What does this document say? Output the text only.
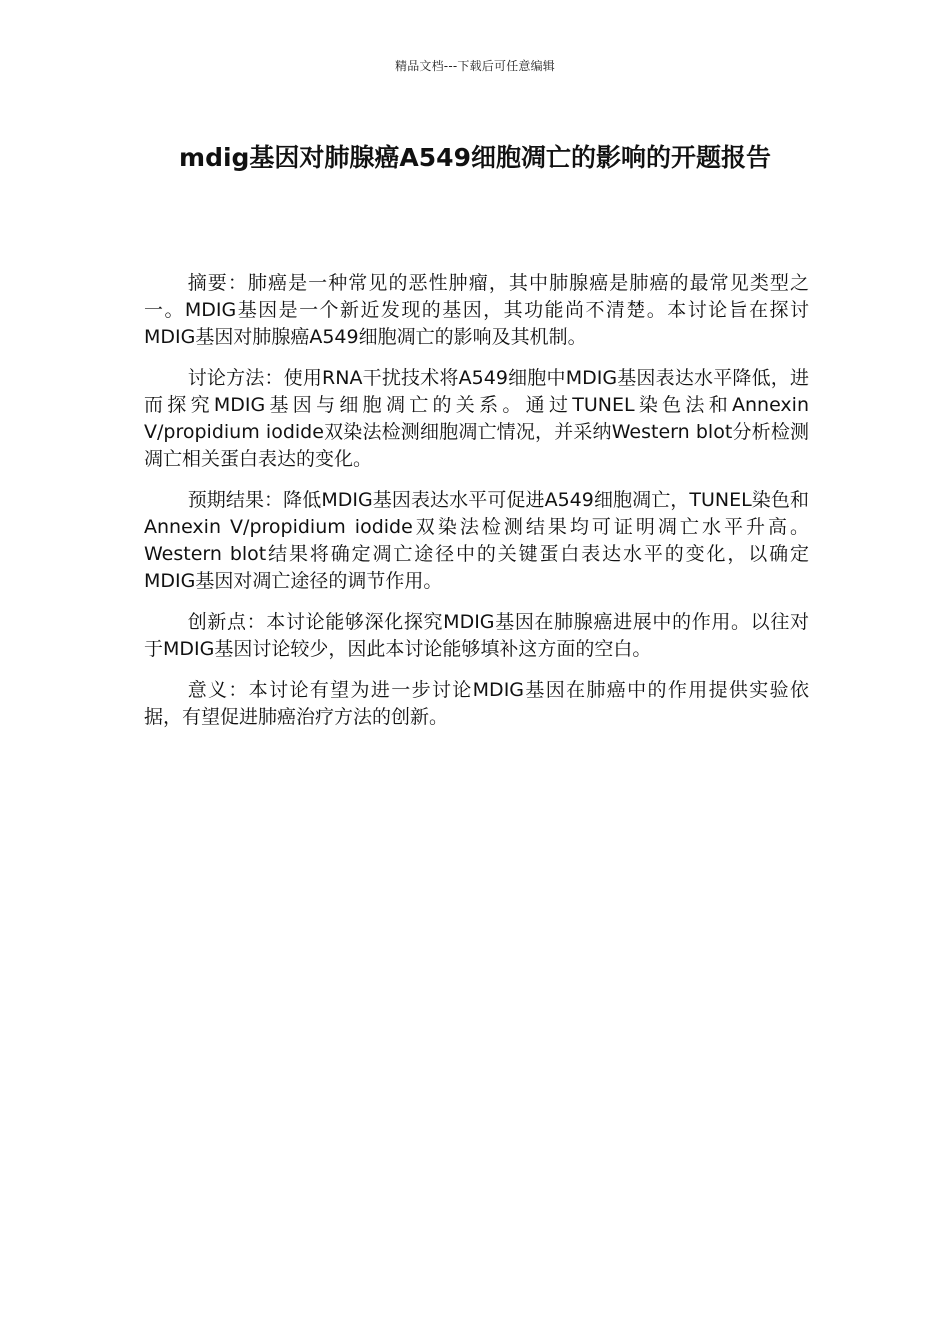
精品文档---下载后可任意编辑
mdig基因对肺腺癌A549细胞凋亡的影响的开题报告

摘要：肺癌是一种常见的恶性肿瘤，其中肺腺癌是肺癌的最常见类型之一。MDIG基因是一个新近发现的基因，其功能尚不清楚。本讨论旨在探讨MDIG基因对肺腺癌A549细胞凋亡的影响及其机制。

讨论方法：使用RNA干扰技术将A549细胞中MDIG基因表达水平降低，进而探究MDIG基因与细胞凋亡的关系。通过TUNEL染色法和Annexin V/propidium iodide双染法检测细胞凋亡情况，并采纳Western blot分析检测凋亡相关蛋白表达的变化。

预期结果：降低MDIG基因表达水平可促进A549细胞凋亡，TUNEL染色和Annexin V/propidium iodide双染法检测结果均可证明凋亡水平升高。Western blot结果将确定凋亡途径中的关键蛋白表达水平的变化，以确定MDIG基因对凋亡途径的调节作用。

创新点：本讨论能够深化探究MDIG基因在肺腺癌进展中的作用。以往对于MDIG基因讨论较少，因此本讨论能够填补这方面的空白。

意义：本讨论有望为进一步讨论MDIG基因在肺癌中的作用提供实验依据，有望促进肺癌治疗方法的创新。
